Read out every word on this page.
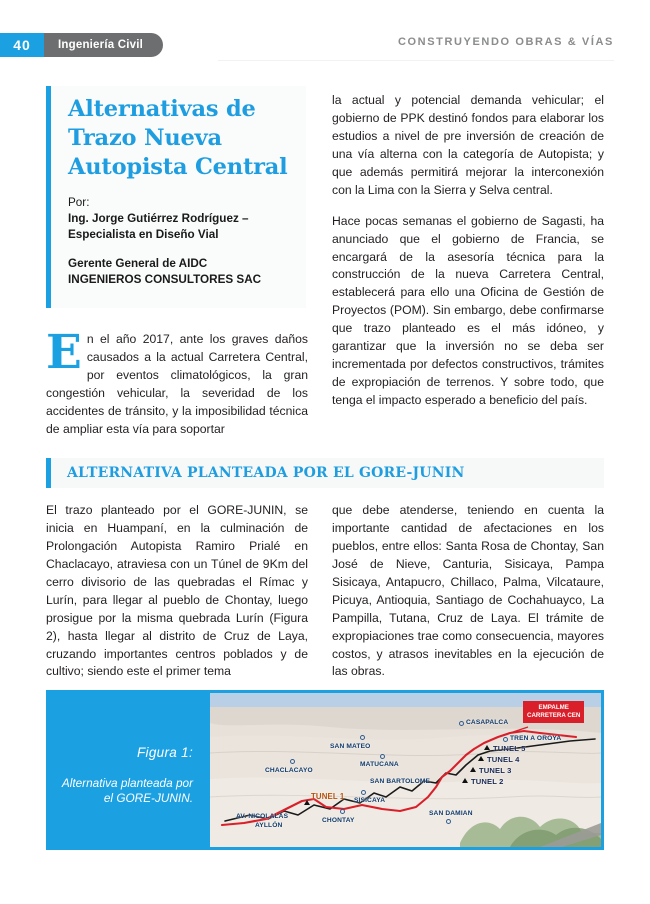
40	Ingeniería Civil	CONSTRUYENDO OBRAS & VÍAS
Alternativas de Trazo Nueva Autopista Central

Por:

Ing. Jorge Gutiérrez Rodríguez –

Especialista en Diseño Vial

Gerente General de AIDC

INGENIEROS CONSULTORES SAC

En el año 2017, ante los graves daños causados a la actual Carretera Central, por eventos climatológicos, la gran congestión vehicular, la severidad de los accidentes de tránsito, y la imposibilidad técnica de ampliar esta vía para soportar

la actual y potencial demanda vehicular; el gobierno de PPK destinó fondos para elaborar los estudios a nivel de pre inversión de creación de una vía alterna con la categoría de Autopista; y que además permitirá mejorar la interconexión con la Lima con la Sierra y Selva central.

Hace pocas semanas el gobierno de Sagasti, ha anunciado que el gobierno de Francia, se encargará de la asesoría técnica para la construcción de la nueva Carretera Central, establecerá para ello una Oficina de Gestión de Proyectos (POM). Sin embargo, debe confirmarse que trazo planteado es el más idóneo, y garantizar que la inversión no se deba ser incrementada por defectos constructivos, trámites de expropiación de terrenos. Y sobre todo, que tenga el impacto esperado a beneficio del país.

ALTERNATIVA PLANTEADA POR EL GORE-JUNIN

El trazo planteado por el GORE-JUNIN, se inicia en Huampaní, en la culminación de Prolongación Autopista Ramiro Prialé en Chaclacayo, atraviesa con un Túnel de 9Km del cerro divisorio de las quebradas el Rímac y Lurín, para llegar al pueblo de Chontay, luego prosigue por la misma quebrada Lurín (Figura 2), hasta llegar al distrito de Cruz de Laya, cruzando importantes centros poblados y de cultivo; siendo este el primer tema

que debe atenderse, teniendo en cuenta la importante cantidad de afectaciones en los pueblos, entre ellos: Santa Rosa de Chontay, San José de Nieve, Canturia, Sisicaya, Pampa Sisicaya, Antapucro, Chillaco, Palma, Vilcataure, Picuya, Antioquia, Santiago de Cochahuayco, La Pampilla, Tutana, Cruz de Laya. El trámite de expropiaciones trae como consecuencia, mayores costos, y atrasos inevitables en la ejecución de las obras.

Figura 1:

Alternativa planteada por el GORE-JUNIN.

CHACLACAYO
AV. NICOLALÁS
AYLLÓN
CHONTAY
SISICAYA
SAN BARTOLOME
SAN MATEO
MATUCANA
SAN DAMIAN
CASAPALCA
TREN A OROYA
TUNEL 1
TUNEL 5
TUNEL 4
TUNEL 3
TUNEL 2
EMPALME
CARRETERA CEN
